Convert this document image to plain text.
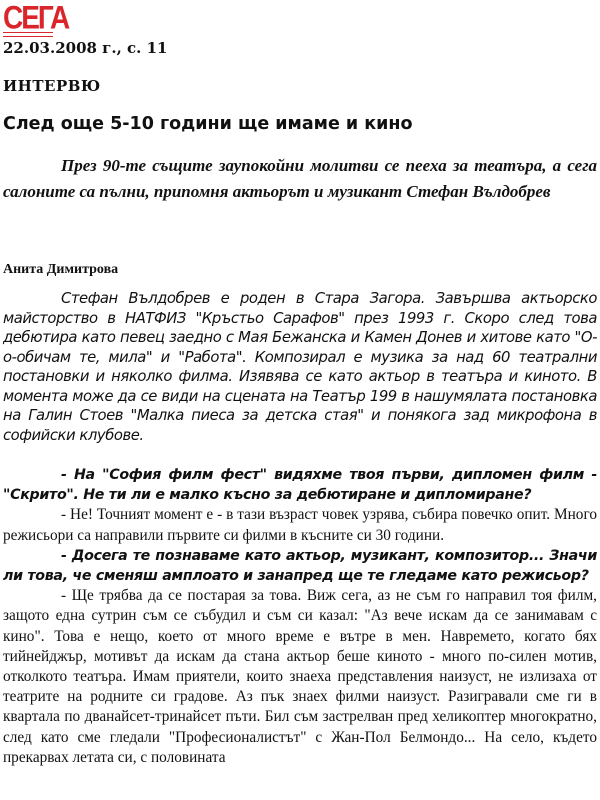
СЕГА
22.03.2008 г., с. 11
ИНТЕРВЮ
След още 5-10 години ще имаме и кино
През 90-те същите заупокойни молитви се пееха за театъра, а сега салоните са пълни, припомня актьорът и музикант Стефан Вълдобрев
Анита Димитрова
Стефан Вълдобрев е роден в Стара Загора. Завършва актьорско майсторство в НАТФИЗ "Кръстьо Сарафов" през 1993 г. Скоро след това дебютира като певец заедно с Мая Бежанска и Камен Донев и хитове като "О-о-обичам те, мила" и "Работа". Композирал е музика за над 60 театрални постановки и няколко филма. Изявява се като актьор в театъра и киното. В момента може да се види на сцената на Театър 199 в нашумялата постановка на Галин Стоев "Малка пиеса за детска стая" и понякога зад микрофона в софийски клубове.

- На "София филм фест" видяхме твоя първи, дипломен филм - "Скрито". Не ти ли е малко късно за дебютиране и дипломиране?

- Не! Точният момент е - в тази възраст човек узрява, събира повечко опит. Много режисьори са направили първите си филми в късните си 30 години.

- Досега те познаваме като актьор, музикант, композитор... Значи ли това, че сменяш амплоато и занапред ще те гледаме като режисьор?

- Ще трябва да се постарая за това. Виж сега, аз не съм го направил тоя филм, защото една сутрин съм се събудил и съм си казал: "Аз вече искам да се занимавам с кино". Това е нещо, което от много време е вътре в мен. Навремето, когато бях тийнейджър, мотивът да искам да стана актьор беше киното - много по-силен мотив, отколкото театъра. Имам приятели, които знаеха представления наизуст, не излизаха от театрите на родните си градове. Аз пък знаех филми наизуст. Разигравали сме ги в квартала по дванайсет-тринайсет пъти. Бил съм застрелван пред хеликоптер многократно, след като сме гледали "Професионалистът" с Жан-Пол Белмондо... На село, където прекарвах летата си, с половината
